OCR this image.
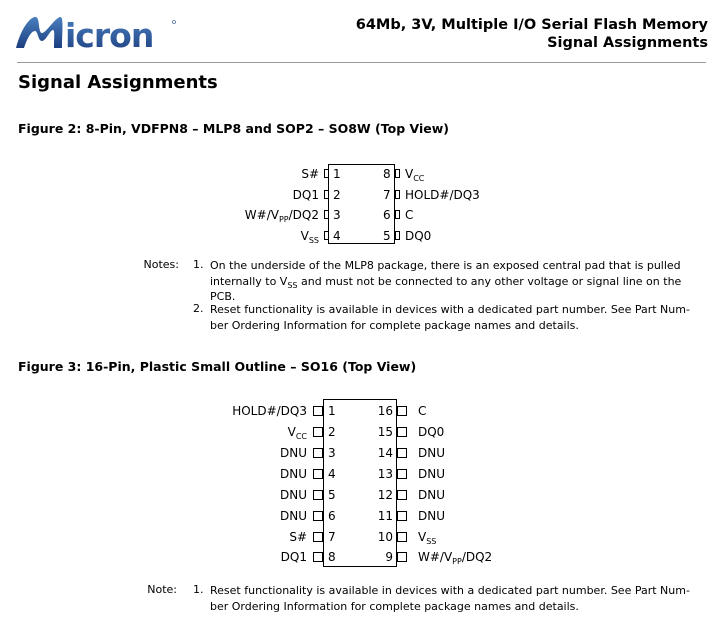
icron	64Mb, 3V, Multiple I/O Serial Flash Memory
Signal Assignments
Signal Assignments
Figure 2: 8-Pin, VDFPN8 – MLP8 and SOP2 – SO8W (Top View)
S# 1
DQ1 2
$W\#/V_{PP}/DQ2$ 3
$V_{SS}$ 4
8 $V_{CC}$
7 HOLD#/DQ3
6 C
5 DQ0
Notes: 1. On the underside of the MLP8 package, there is an exposed central pad that is pulled internally to $V_{SS}$ and must not be connected to any other voltage or signal line on the PCB.
2. Reset functionality is available in devices with a dedicated part number. See Part Number Ordering Information for complete package names and details.
Figure 3: 16-Pin, Plastic Small Outline – SO16 (Top View)
HOLD#/DQ3 1
$V_{CC}$ 2
DNU 3
DNU 4
DNU 5
DNU 6
S# 7
DQ1 8
16 C
15 DQ0
14 DNU
13 DNU
12 DNU
11 DNU
10 $V_{SS}$
9 $W\#/V_{PP}/DQ2$
Note: 1. Reset functionality is available in devices with a dedicated part number. See Part Number Ordering Information for complete package names and details.
